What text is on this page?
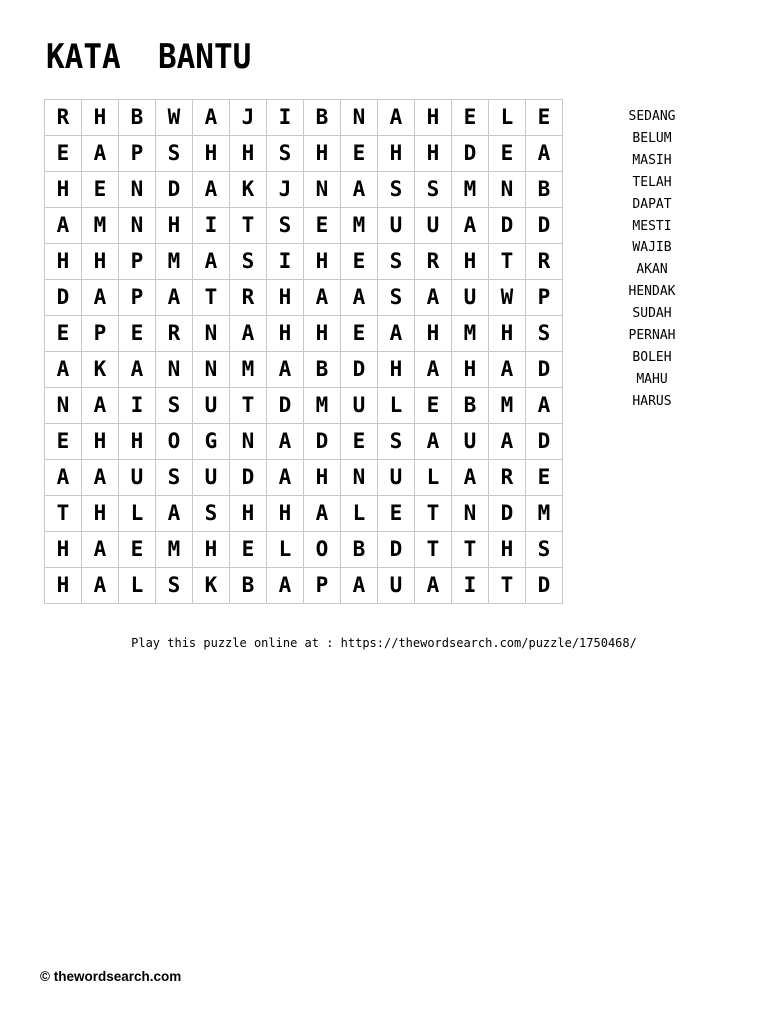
KATA  BANTU
R	H	B	W	A	J	I	B	N	A	H	E	L	E
E	A	P	S	H	H	S	H	E	H	H	D	E	A
H	E	N	D	A	K	J	N	A	S	S	M	N	B
A	M	N	H	I	T	S	E	M	U	U	A	D	D
H	H	P	M	A	S	I	H	E	S	R	H	T	R
D	A	P	A	T	R	H	A	A	S	A	U	W	P
E	P	E	R	N	A	H	H	E	A	H	M	H	S
A	K	A	N	N	M	A	B	D	H	A	H	A	D
N	A	I	S	U	T	D	M	U	L	E	B	M	A
E	H	H	O	G	N	A	D	E	S	A	U	A	D
A	A	U	S	U	D	A	H	N	U	L	A	R	E
T	H	L	A	S	H	H	A	L	E	T	N	D	M
H	A	E	M	H	E	L	O	B	D	T	T	H	S
H	A	L	S	K	B	A	P	A	U	A	I	T	D
SEDANG
BELUM
MASIH
TELAH
DAPAT
MESTI
WAJIB
AKAN
HENDAK
SUDAH
PERNAH
BOLEH
MAHU
HARUS
Play this puzzle online at : https://thewordsearch.com/puzzle/1750468/
© thewordsearch.com
